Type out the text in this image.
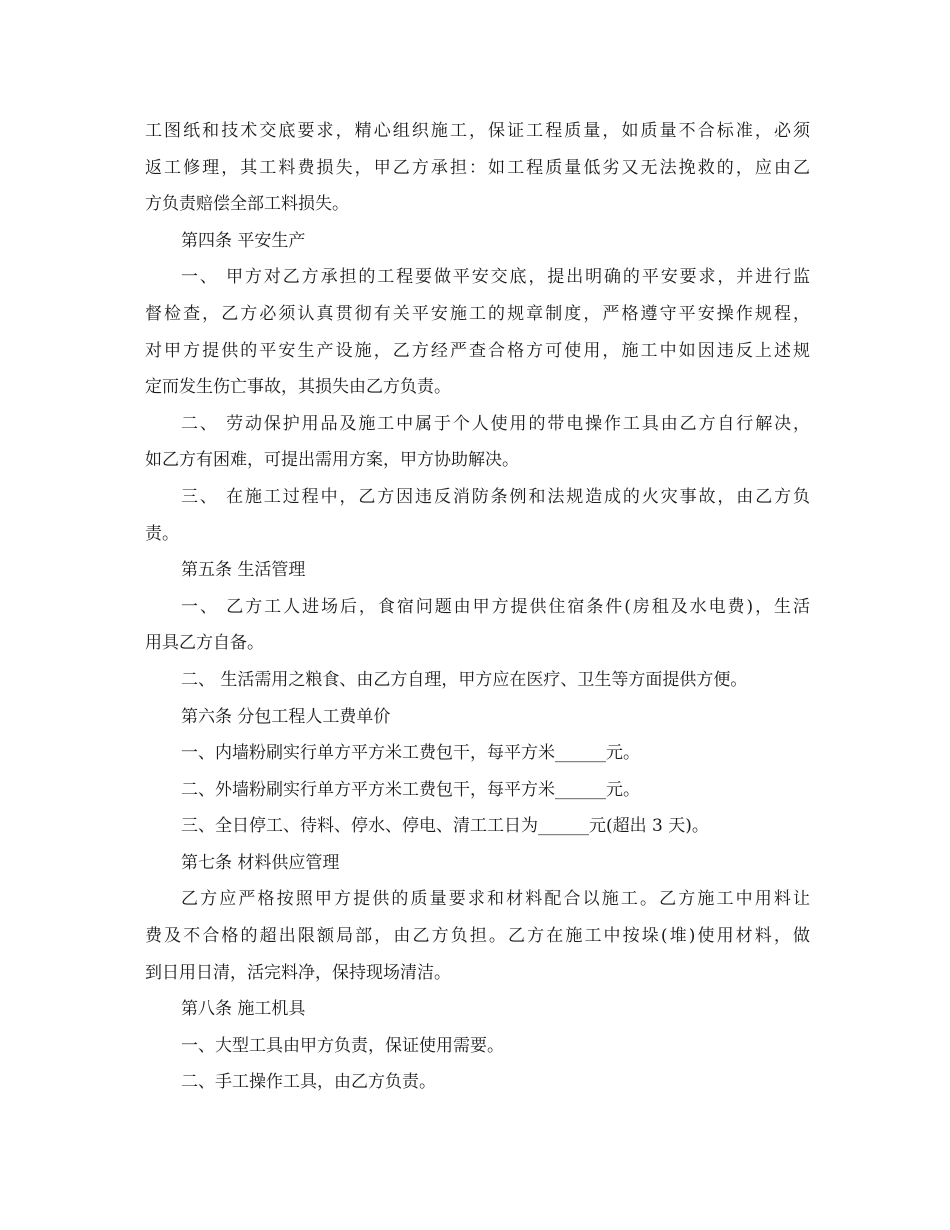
工图纸和技术交底要求，精心组织施工，保证工程质量，如质量不合标准，必须
返工修理，其工料费损失，甲乙方承担：如工程质量低劣又无法挽救的，应由乙
方负责赔偿全部工料损失。
第四条 平安生产
一、 甲方对乙方承担的工程要做平安交底，提出明确的平安要求，并进行监
督检查，乙方必须认真贯彻有关平安施工的规章制度，严格遵守平安操作规程，
对甲方提供的平安生产设施，乙方经严查合格方可使用，施工中如因违反上述规
定而发生伤亡事故，其损失由乙方负责。
二、 劳动保护用品及施工中属于个人使用的带电操作工具由乙方自行解决，
如乙方有困难，可提出需用方案，甲方协助解决。
三、 在施工过程中，乙方因违反消防条例和法规造成的火灾事故，由乙方负
责。
第五条 生活管理
一、 乙方工人进场后，食宿问题由甲方提供住宿条件(房租及水电费)，生活
用具乙方自备。
二、 生活需用之粮食、由乙方自理，甲方应在医疗、卫生等方面提供方便。
第六条 分包工程人工费单价
一、内墙粉刷实行单方平方米工费包干，每平方米______元。
二、外墙粉刷实行单方平方米工费包干，每平方米______元。
三、全日停工、待料、停水、停电、清工工日为______元(超出 3 天)。
第七条 材料供应管理
乙方应严格按照甲方提供的质量要求和材料配合以施工。乙方施工中用料让
费及不合格的超出限额局部，由乙方负担。乙方在施工中按垛(堆)使用材料，做
到日用日清，活完料净，保持现场清洁。
第八条 施工机具
一、大型工具由甲方负责，保证使用需要。
二、手工操作工具，由乙方负责。
